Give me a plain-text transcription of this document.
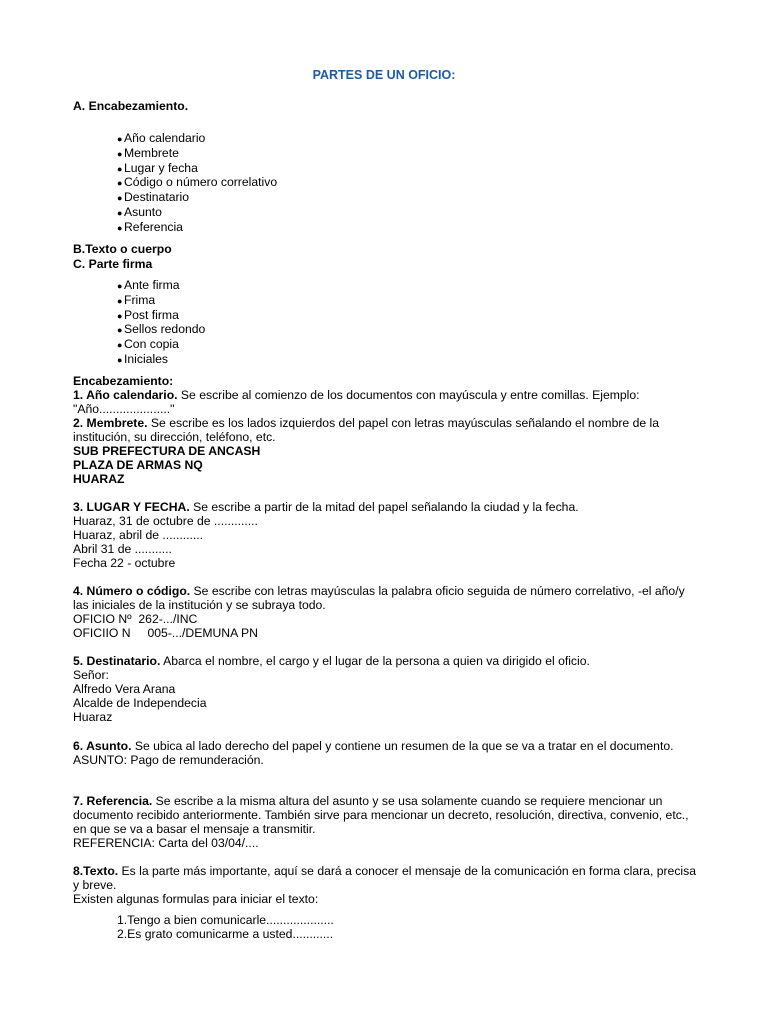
PARTES DE UN OFICIO:
A. Encabezamiento.
● Año calendario
● Membrete
● Lugar y fecha
● Código o número correlativo
● Destinatario
● Asunto
● Referencia
B.Texto o cuerpo
C. Parte firma
● Ante firma
● Frima
● Post firma
● Sellos redondo
● Con copia
● Iniciales

Encabezamiento:

1. Año calendario. Se escribe al comienzo de los documentos con mayúscula y entre comillas. Ejemplo: "Año....................."

2. Membrete. Se escribe es los lados izquierdos del papel con letras mayúsculas señalando el nombre de la institución, su dirección, teléfono, etc.

SUB PREFECTURA DE ANCASH

PLAZA DE ARMAS NQ

HUARAZ

3. LUGAR Y FECHA. Se escribe a partir de la mitad del papel señalando la ciudad y la fecha.

Huaraz, 31 de octubre de .............

Huaraz, abril de ............

Abril 31 de ...........

Fecha 22 - octubre

4. Número o código. Se escribe con letras mayúsculas la palabra oficio seguida de número correlativo, -el año/y las iniciales de la institución y se subraya todo.

OFICIO Nº  262-.../INC

OFICIIO N     005-.../DEMUNA PN

5. Destinatario. Abarca el nombre, el cargo y el lugar de la persona a quien va dirigido el oficio.

Señor:

Alfredo Vera Arana

Alcalde de Independecia

Huaraz

6. Asunto. Se ubica al lado derecho del papel y contiene un resumen de la que se va a tratar en el documento.

ASUNTO: Pago de remunderación.

7. Referencia. Se escribe a la misma altura del asunto y se usa solamente cuando se requiere mencionar un documento recibido anteriormente. También sirve para mencionar un decreto, resolución, directiva, convenio, etc., en que se va a basar el mensaje a transmitir.

REFERENCIA: Carta del 03/04/....

8.Texto. Es la parte más importante, aquí se dará a conocer el mensaje de la comunicación en forma clara, precisa y breve.

Existen algunas formulas para iniciar el texto:

1.Tengo a bien comunicarle....................
2.Es grato comunicarme a usted............
